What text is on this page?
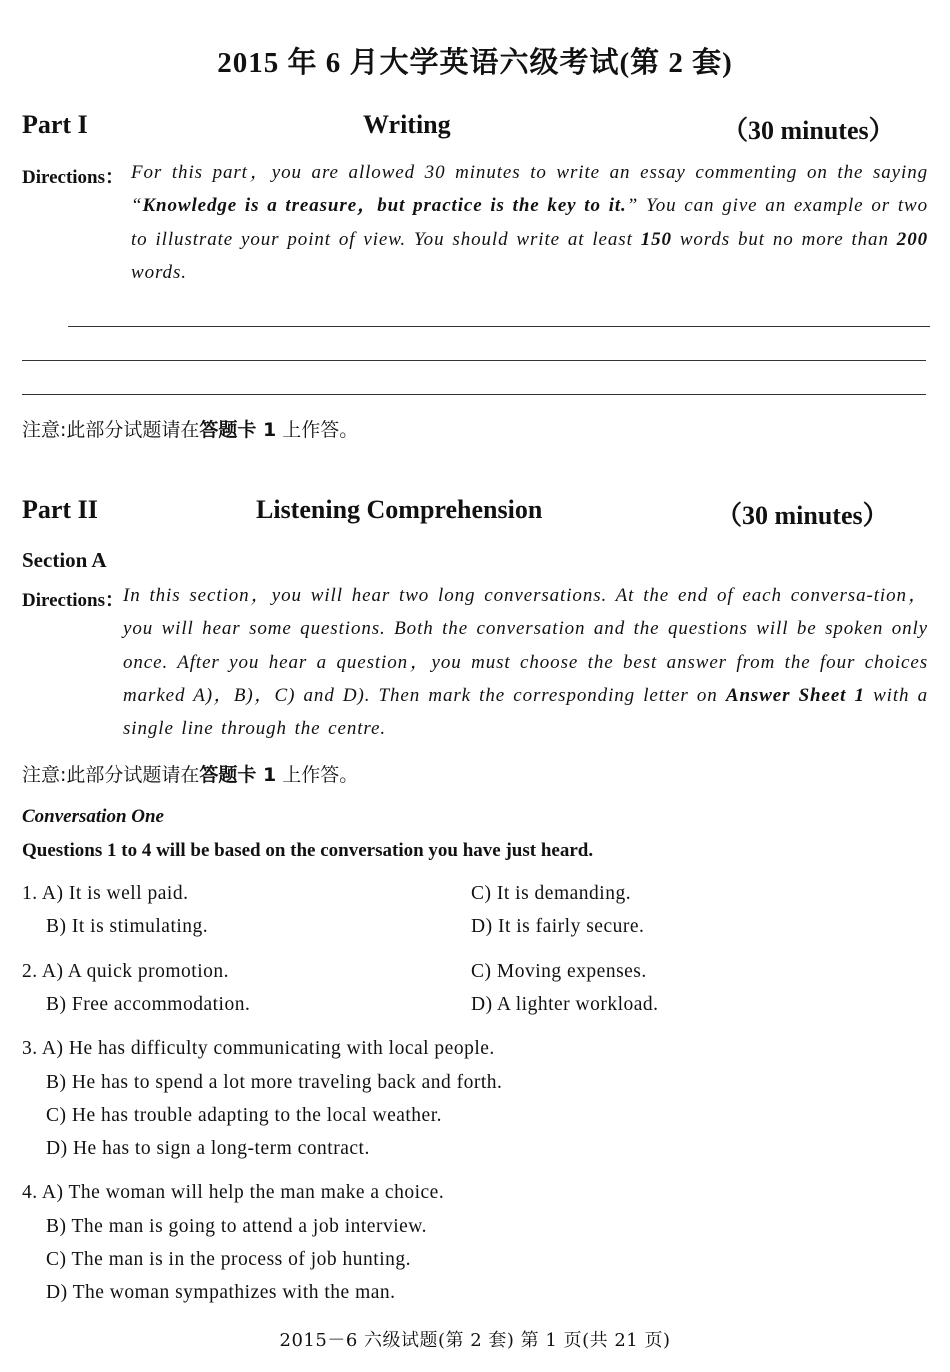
2015 年 6 月大学英语六级考试(第 2 套)
Part I	Writing	（30 minutes）
Directions： For this part，you are allowed 30 minutes to write an essay commenting on the saying “Knowledge is a treasure，but practice is the key to it.” You can give an example or two to illustrate your point of view. You should write at least 150 words but no more than 200 words.
注意:此部分试题请在答题卡 1 上作答。
Part II	Listening Comprehension	（30 minutes）
Section A
Directions：
In this section，you will hear two long conversations. At the end of each conversa-tion，you will hear some questions. Both the conversation and the questions will be spoken only once. After you hear a question，you must choose the best answer from the four choices marked A)，B)，C) and D). Then mark the corresponding letter on Answer Sheet 1 with a single line through the centre.
注意:此部分试题请在答题卡 1 上作答。
Conversation One
Questions 1 to 4 will be based on the conversation you have just heard.
1. A) It is well paid.	C) It is demanding.
B) It is stimulating.	D) It is fairly secure.
2. A) A quick promotion.	C) Moving expenses.
B) Free accommodation.	D) A lighter workload.
3. A) He has difficulty communicating with local people.
B) He has to spend a lot more traveling back and forth.
C) He has trouble adapting to the local weather.
D) He has to sign a long-term contract.
4. A) The woman will help the man make a choice.
B) The man is going to attend a job interview.
C) The man is in the process of job hunting.
D) The woman sympathizes with the man.
2015－6 六级试题(第 2 套) 第 1 页(共 21 页)
